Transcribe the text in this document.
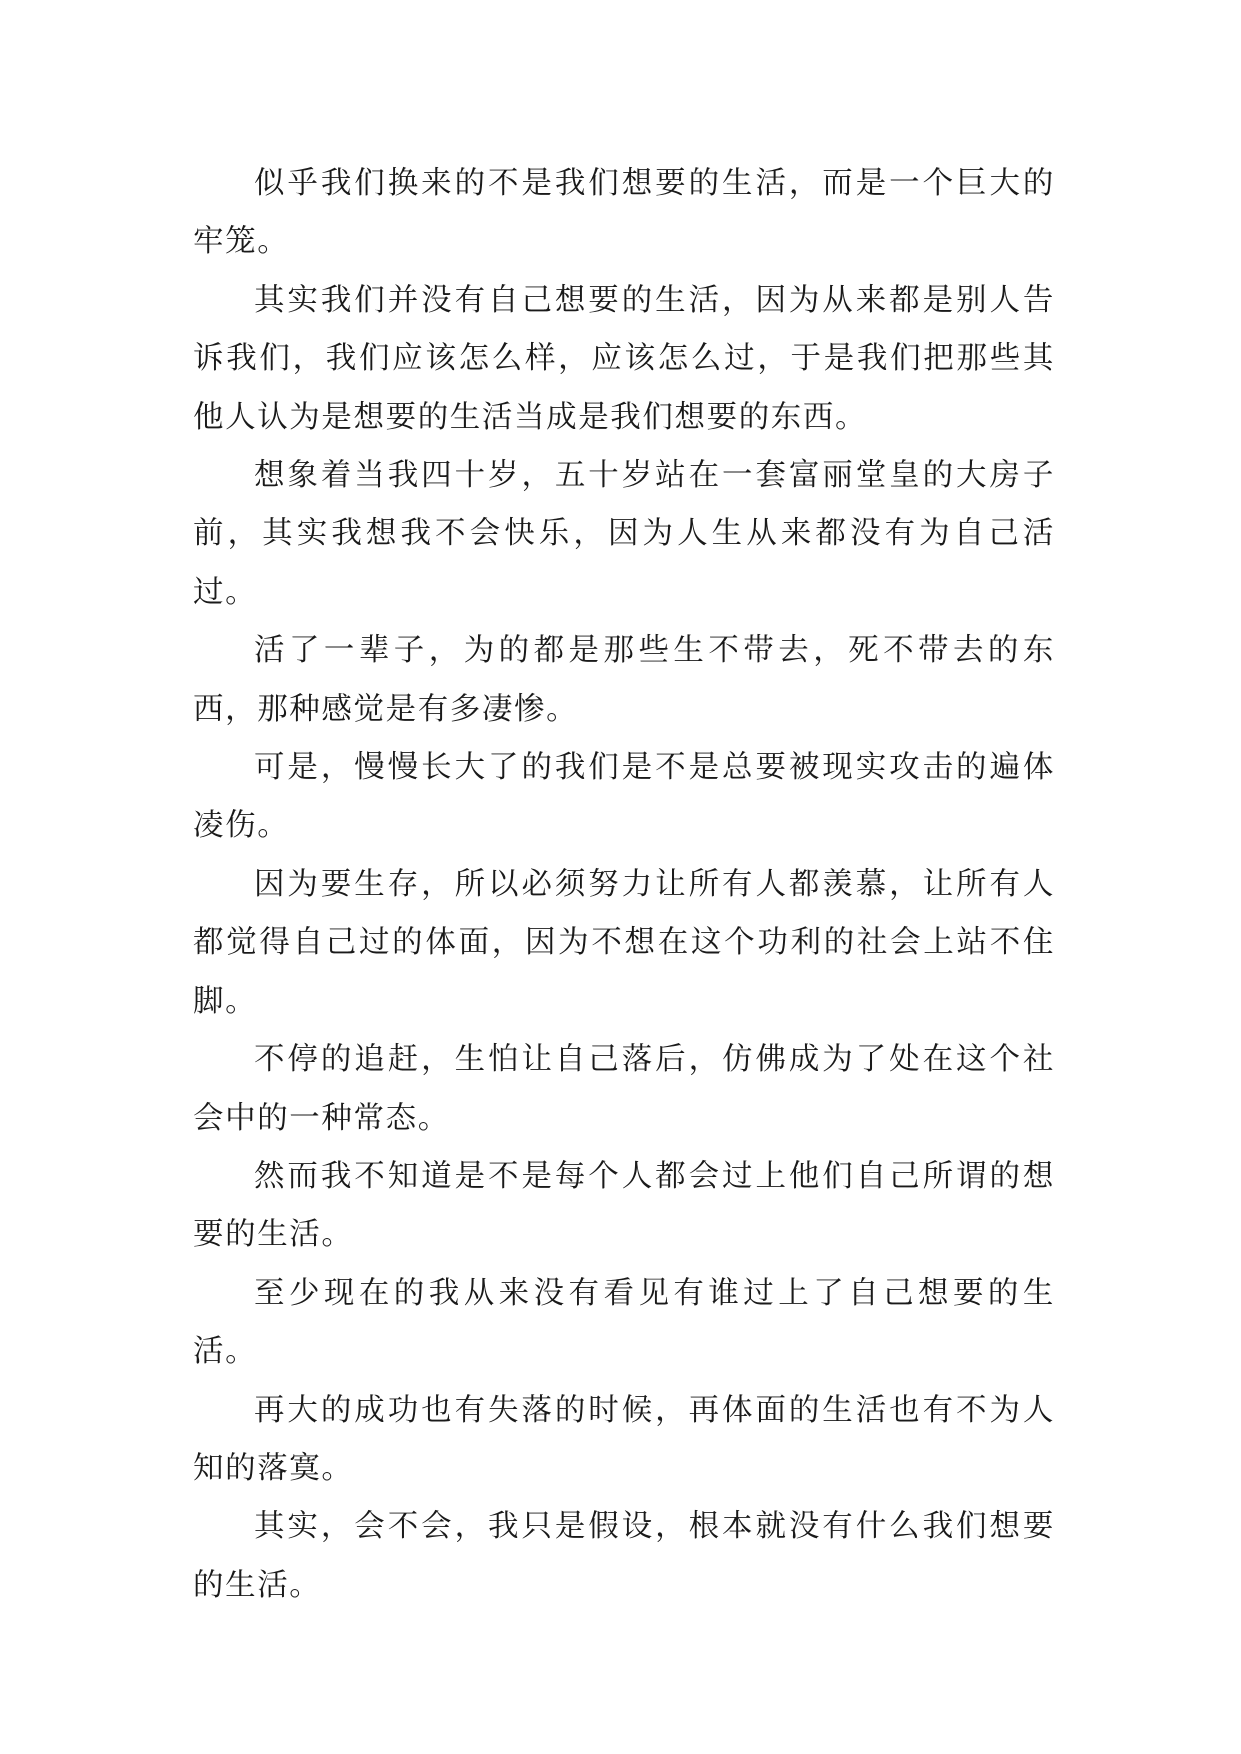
似乎我们换来的不是我们想要的生活，而是一个巨大的牢笼。

其实我们并没有自己想要的生活，因为从来都是别人告诉我们，我们应该怎么样，应该怎么过，于是我们把那些其他人认为是想要的生活当成是我们想要的东西。

想象着当我四十岁，五十岁站在一套富丽堂皇的大房子前，其实我想我不会快乐，因为人生从来都没有为自己活过。

活了一辈子，为的都是那些生不带去，死不带去的东西，那种感觉是有多凄惨。

可是，慢慢长大了的我们是不是总要被现实攻击的遍体凌伤。

因为要生存，所以必须努力让所有人都羡慕，让所有人都觉得自己过的体面，因为不想在这个功利的社会上站不住脚。

不停的追赶，生怕让自己落后，仿佛成为了处在这个社会中的一种常态。

然而我不知道是不是每个人都会过上他们自己所谓的想要的生活。

至少现在的我从来没有看见有谁过上了自己想要的生活。

再大的成功也有失落的时候，再体面的生活也有不为人知的落寞。

其实，会不会，我只是假设，根本就没有什么我们想要的生活。
